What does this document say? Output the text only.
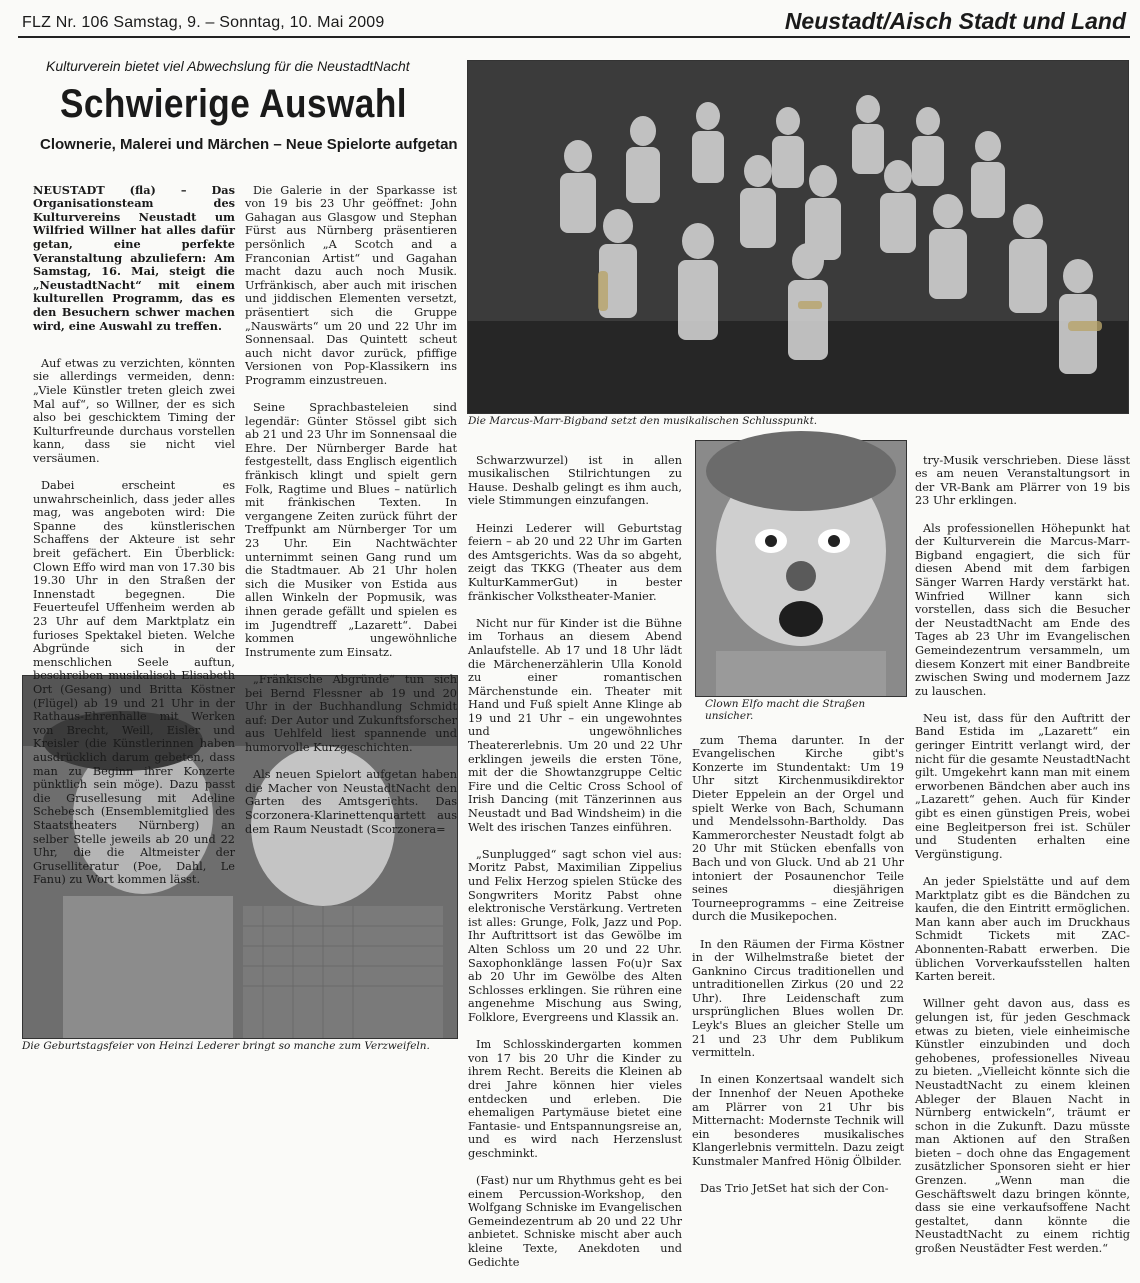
FLZ Nr. 106 Samstag, 9. – Sonntag, 10. Mai 2009	Neustadt/Aisch Stadt und Land
Kulturverein bietet viel Abwechslung für die NeustadtNacht
Schwierige Auswahl
Clownerie, Malerei und Märchen – Neue Spielorte aufgetan
Die Marcus-Marr-Bigband setzt den musikalischen Schlusspunkt.
Clown Elfo macht die Straßen unsicher.
Die Geburtstagsfeier von Heinzi Lederer bringt so manche zum Verzweifeln.

NEUSTADT (fla) – Das Organisationsteam des Kulturvereins Neustadt um Wilfried Willner hat alles dafür getan, eine perfekte Veranstaltung abzuliefern: Am Samstag, 16. Mai, steigt die „NeustadtNacht“ mit einem kulturellen Programm, das es den Besuchern schwer machen wird, eine Auswahl zu treffen.

Auf etwas zu verzichten, könnten sie allerdings vermeiden, denn: „Viele Künstler treten gleich zwei Mal auf“, so Willner, der es sich also bei geschicktem Timing der Kulturfreunde durchaus vorstellen kann, dass sie nicht viel versäumen.

Dabei erscheint es unwahrscheinlich, dass jeder alles mag, was angeboten wird: Die Spanne des künstlerischen Schaffens der Akteure ist sehr breit gefächert. Ein Überblick: Clown Effo wird man von 17.30 bis 19.30 Uhr in den Straßen der Innenstadt begegnen. Die Feuerteufel Uffenheim werden ab 23 Uhr auf dem Marktplatz ein furioses Spektakel bieten. Welche Abgründe sich in der menschlichen Seele auftun, beschreiben musikalisch Elisabeth Ort (Gesang) und Britta Köstner (Flügel) ab 19 und 21 Uhr in der Rathaus-Ehrenhalle mit Werken von Brecht, Weill, Eisler und Kreisler (die Künstlerinnen haben ausdrücklich darum gebeten, dass man zu Beginn ihrer Konzerte pünktlich sein möge). Dazu passt die Grusellesung mit Adeline Schebesch (Ensemblemitglied des Staatstheaters Nürnberg) an selber Stelle jeweils ab 20 und 22 Uhr, die die Altmeister der Gruselliteratur (Poe, Dahl, Le Fanu) zu Wort kommen lässt.

Die Galerie in der Sparkasse ist von 19 bis 23 Uhr geöffnet: John Gahagan aus Glasgow und Stephan Fürst aus Nürnberg präsentieren persönlich „A Scotch and a Franconian Artist“ und Gagahan macht dazu auch noch Musik. Urfränkisch, aber auch mit irischen und jiddischen Elementen versetzt, präsentiert sich die Gruppe „Nauswärts“ um 20 und 22 Uhr im Sonnensaal. Das Quintett scheut auch nicht davor zurück, pfiffige Versionen von Pop-Klassikern ins Programm einzustreuen.

Seine Sprachbasteleien sind legendär: Günter Stössel gibt sich ab 21 und 23 Uhr im Sonnensaal die Ehre. Der Nürnberger Barde hat festgestellt, dass Englisch eigentlich fränkisch klingt und spielt gern Folk, Ragtime und Blues – natürlich mit fränkischen Texten. In vergangene Zeiten zurück führt der Treffpunkt am Nürnberger Tor um 23 Uhr. Ein Nachtwächter unternimmt seinen Gang rund um die Stadtmauer. Ab 21 Uhr holen sich die Musiker von Estida aus allen Winkeln der Popmusik, was ihnen gerade gefällt und spielen es im Jugendtreff „Lazarett“. Dabei kommen ungewöhnliche Instrumente zum Einsatz.

„Fränkische Abgründe“ tun sich bei Bernd Flessner ab 19 und 20 Uhr in der Buchhandlung Schmidt auf: Der Autor und Zukunftsforscher aus Uehlfeld liest spannende und humorvolle Kurzgeschichten.

Als neuen Spielort aufgetan haben die Macher von NeustadtNacht den Garten des Amtsgerichts. Das Scorzonera-Klarinettenquartett aus dem Raum Neustadt (Scorzonera=

Schwarzwurzel) ist in allen musikalischen Stilrichtungen zu Hause. Deshalb gelingt es ihm auch, viele Stimmungen einzufangen.

Heinzi Lederer will Geburtstag feiern – ab 20 und 22 Uhr im Garten des Amtsgerichts. Was da so abgeht, zeigt das TKKG (Theater aus dem KulturKammerGut) in bester fränkischer Volkstheater-Manier.

Nicht nur für Kinder ist die Bühne im Torhaus an diesem Abend Anlaufstelle. Ab 17 und 18 Uhr lädt die Märchenerzählerin Ulla Konold zu einer romantischen Märchenstunde ein. Theater mit Hand und Fuß spielt Anne Klinge ab 19 und 21 Uhr – ein ungewohntes und ungewöhnliches Theatererlebnis. Um 20 und 22 Uhr erklingen jeweils die ersten Töne, mit der die Showtanzgruppe Celtic Fire und die Celtic Cross School of Irish Dancing (mit Tänzerinnen aus Neustadt und Bad Windsheim) in die Welt des irischen Tanzes einführen.

„Sunplugged“ sagt schon viel aus: Moritz Pabst, Maximilian Zippelius und Felix Herzog spielen Stücke des Songwriters Moritz Pabst ohne elektronische Verstärkung. Vertreten ist alles: Grunge, Folk, Jazz und Pop. Ihr Auftrittsort ist das Gewölbe im Alten Schloss um 20 und 22 Uhr. Saxophonklänge lassen Fo(u)r Sax ab 20 Uhr im Gewölbe des Alten Schlosses erklingen. Sie rühren eine angenehme Mischung aus Swing, Folklore, Evergreens und Klassik an.

Im Schlosskindergarten kommen von 17 bis 20 Uhr die Kinder zu ihrem Recht. Bereits die Kleinen ab drei Jahre können hier vieles entdecken und erleben. Die ehemaligen Partymäuse bietet eine Fantasie- und Entspannungsreise an, und es wird nach Herzenslust geschminkt.

(Fast) nur um Rhythmus geht es bei einem Percussion-Workshop, den Wolfgang Schniske im Evangelischen Gemeindezentrum ab 20 und 22 Uhr anbietet. Schniske mischt aber auch kleine Texte, Anekdoten und Gedichte

zum Thema darunter. In der Evangelischen Kirche gibt's Konzerte im Stundentakt: Um 19 Uhr sitzt Kirchenmusikdirektor Dieter Eppelein an der Orgel und spielt Werke von Bach, Schumann und Mendelssohn-Bartholdy. Das Kammerorchester Neustadt folgt ab 20 Uhr mit Stücken ebenfalls von Bach und von Gluck. Und ab 21 Uhr intoniert der Posaunenchor Teile seines diesjährigen Tourneeprogramms – eine Zeitreise durch die Musikepochen.

In den Räumen der Firma Köstner in der Wilhelmstraße bietet der Ganknino Circus traditionellen und untraditionellen Zirkus (20 und 22 Uhr). Ihre Leidenschaft zum ursprünglichen Blues wollen Dr. Leyk's Blues an gleicher Stelle um 21 und 23 Uhr dem Publikum vermitteln.

In einen Konzertsaal wandelt sich der Innenhof der Neuen Apotheke am Plärrer von 21 Uhr bis Mitternacht: Modernste Technik will ein besonderes musikalisches Klangerlebnis vermitteln. Dazu zeigt Kunstmaler Manfred Hönig Ölbilder.

Das Trio JetSet hat sich der Con-

try-Musik verschrieben. Diese lässt es am neuen Veranstaltungsort in der VR-Bank am Plärrer von 19 bis 23 Uhr erklingen.

Als professionellen Höhepunkt hat der Kulturverein die Marcus-Marr-Bigband engagiert, die sich für diesen Abend mit dem farbigen Sänger Warren Hardy verstärkt hat. Winfried Willner kann sich vorstellen, dass sich die Besucher der NeustadtNacht am Ende des Tages ab 23 Uhr im Evangelischen Gemeindezentrum versammeln, um diesem Konzert mit einer Bandbreite zwischen Swing und modernem Jazz zu lauschen.

Neu ist, dass für den Auftritt der Band Estida im „Lazarett“ ein geringer Eintritt verlangt wird, der nicht für die gesamte NeustadtNacht gilt. Umgekehrt kann man mit einem erworbenen Bändchen aber auch ins „Lazarett“ gehen. Auch für Kinder gibt es einen günstigen Preis, wobei eine Begleitperson frei ist. Schüler und Studenten erhalten eine Vergünstigung.

An jeder Spielstätte und auf dem Marktplatz gibt es die Bändchen zu kaufen, die den Eintritt ermöglichen. Man kann aber auch im Druckhaus Schmidt Tickets mit ZAC-Abonnenten-Rabatt erwerben. Die üblichen Vorverkaufsstellen halten Karten bereit.

Willner geht davon aus, dass es gelungen ist, für jeden Geschmack etwas zu bieten, viele einheimische Künstler einzubinden und doch gehobenes, professionelles Niveau zu bieten. „Vielleicht könnte sich die NeustadtNacht zu einem kleinen Ableger der Blauen Nacht in Nürnberg entwickeln“, träumt er schon in die Zukunft. Dazu müsste man Aktionen auf den Straßen bieten – doch ohne das Engagement zusätzlicher Sponsoren sieht er hier Grenzen. „Wenn man die Geschäftswelt dazu bringen könnte, dass sie eine verkaufsoffene Nacht gestaltet, dann könnte die NeustadtNacht zu einem richtig großen Neustädter Fest werden.“
